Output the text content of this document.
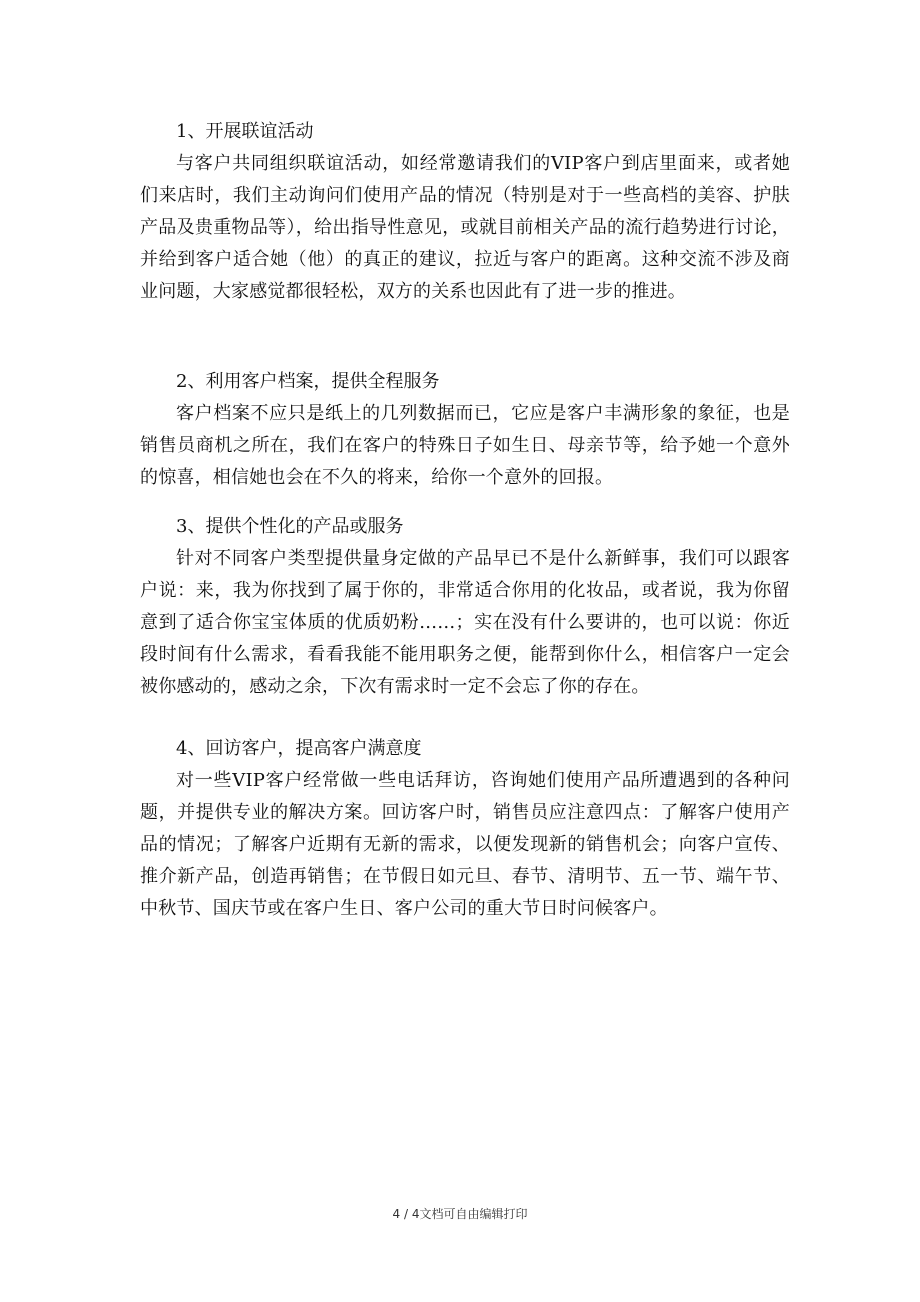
1、开展联谊活动

与客户共同组织联谊活动，如经常邀请我们的VIP客户到店里面来，或者她们来店时，我们主动询问们使用产品的情况（特别是对于一些高档的美容、护肤产品及贵重物品等），给出指导性意见，或就目前相关产品的流行趋势进行讨论，并给到客户适合她（他）的真正的建议，拉近与客户的距离。这种交流不涉及商业问题，大家感觉都很轻松，双方的关系也因此有了进一步的推进。

2、利用客户档案，提供全程服务

客户档案不应只是纸上的几列数据而已，它应是客户丰满形象的象征，也是销售员商机之所在，我们在客户的特殊日子如生日、母亲节等，给予她一个意外的惊喜，相信她也会在不久的将来，给你一个意外的回报。

3、提供个性化的产品或服务

针对不同客户类型提供量身定做的产品早已不是什么新鲜事，我们可以跟客户说：来，我为你找到了属于你的，非常适合你用的化妆品，或者说，我为你留意到了适合你宝宝体质的优质奶粉……；实在没有什么要讲的，也可以说：你近段时间有什么需求，看看我能不能用职务之便，能帮到你什么，相信客户一定会被你感动的，感动之余，下次有需求时一定不会忘了你的存在。

4、回访客户，提高客户满意度

对一些VIP客户经常做一些电话拜访，咨询她们使用产品所遭遇到的各种问题，并提供专业的解决方案。回访客户时，销售员应注意四点：了解客户使用产品的情况；了解客户近期有无新的需求，以便发现新的销售机会；向客户宣传、推介新产品，创造再销售；在节假日如元旦、春节、清明节、五一节、端午节、中秋节、国庆节或在客户生日、客户公司的重大节日时问候客户。

4 / 4文档可自由编辑打印
